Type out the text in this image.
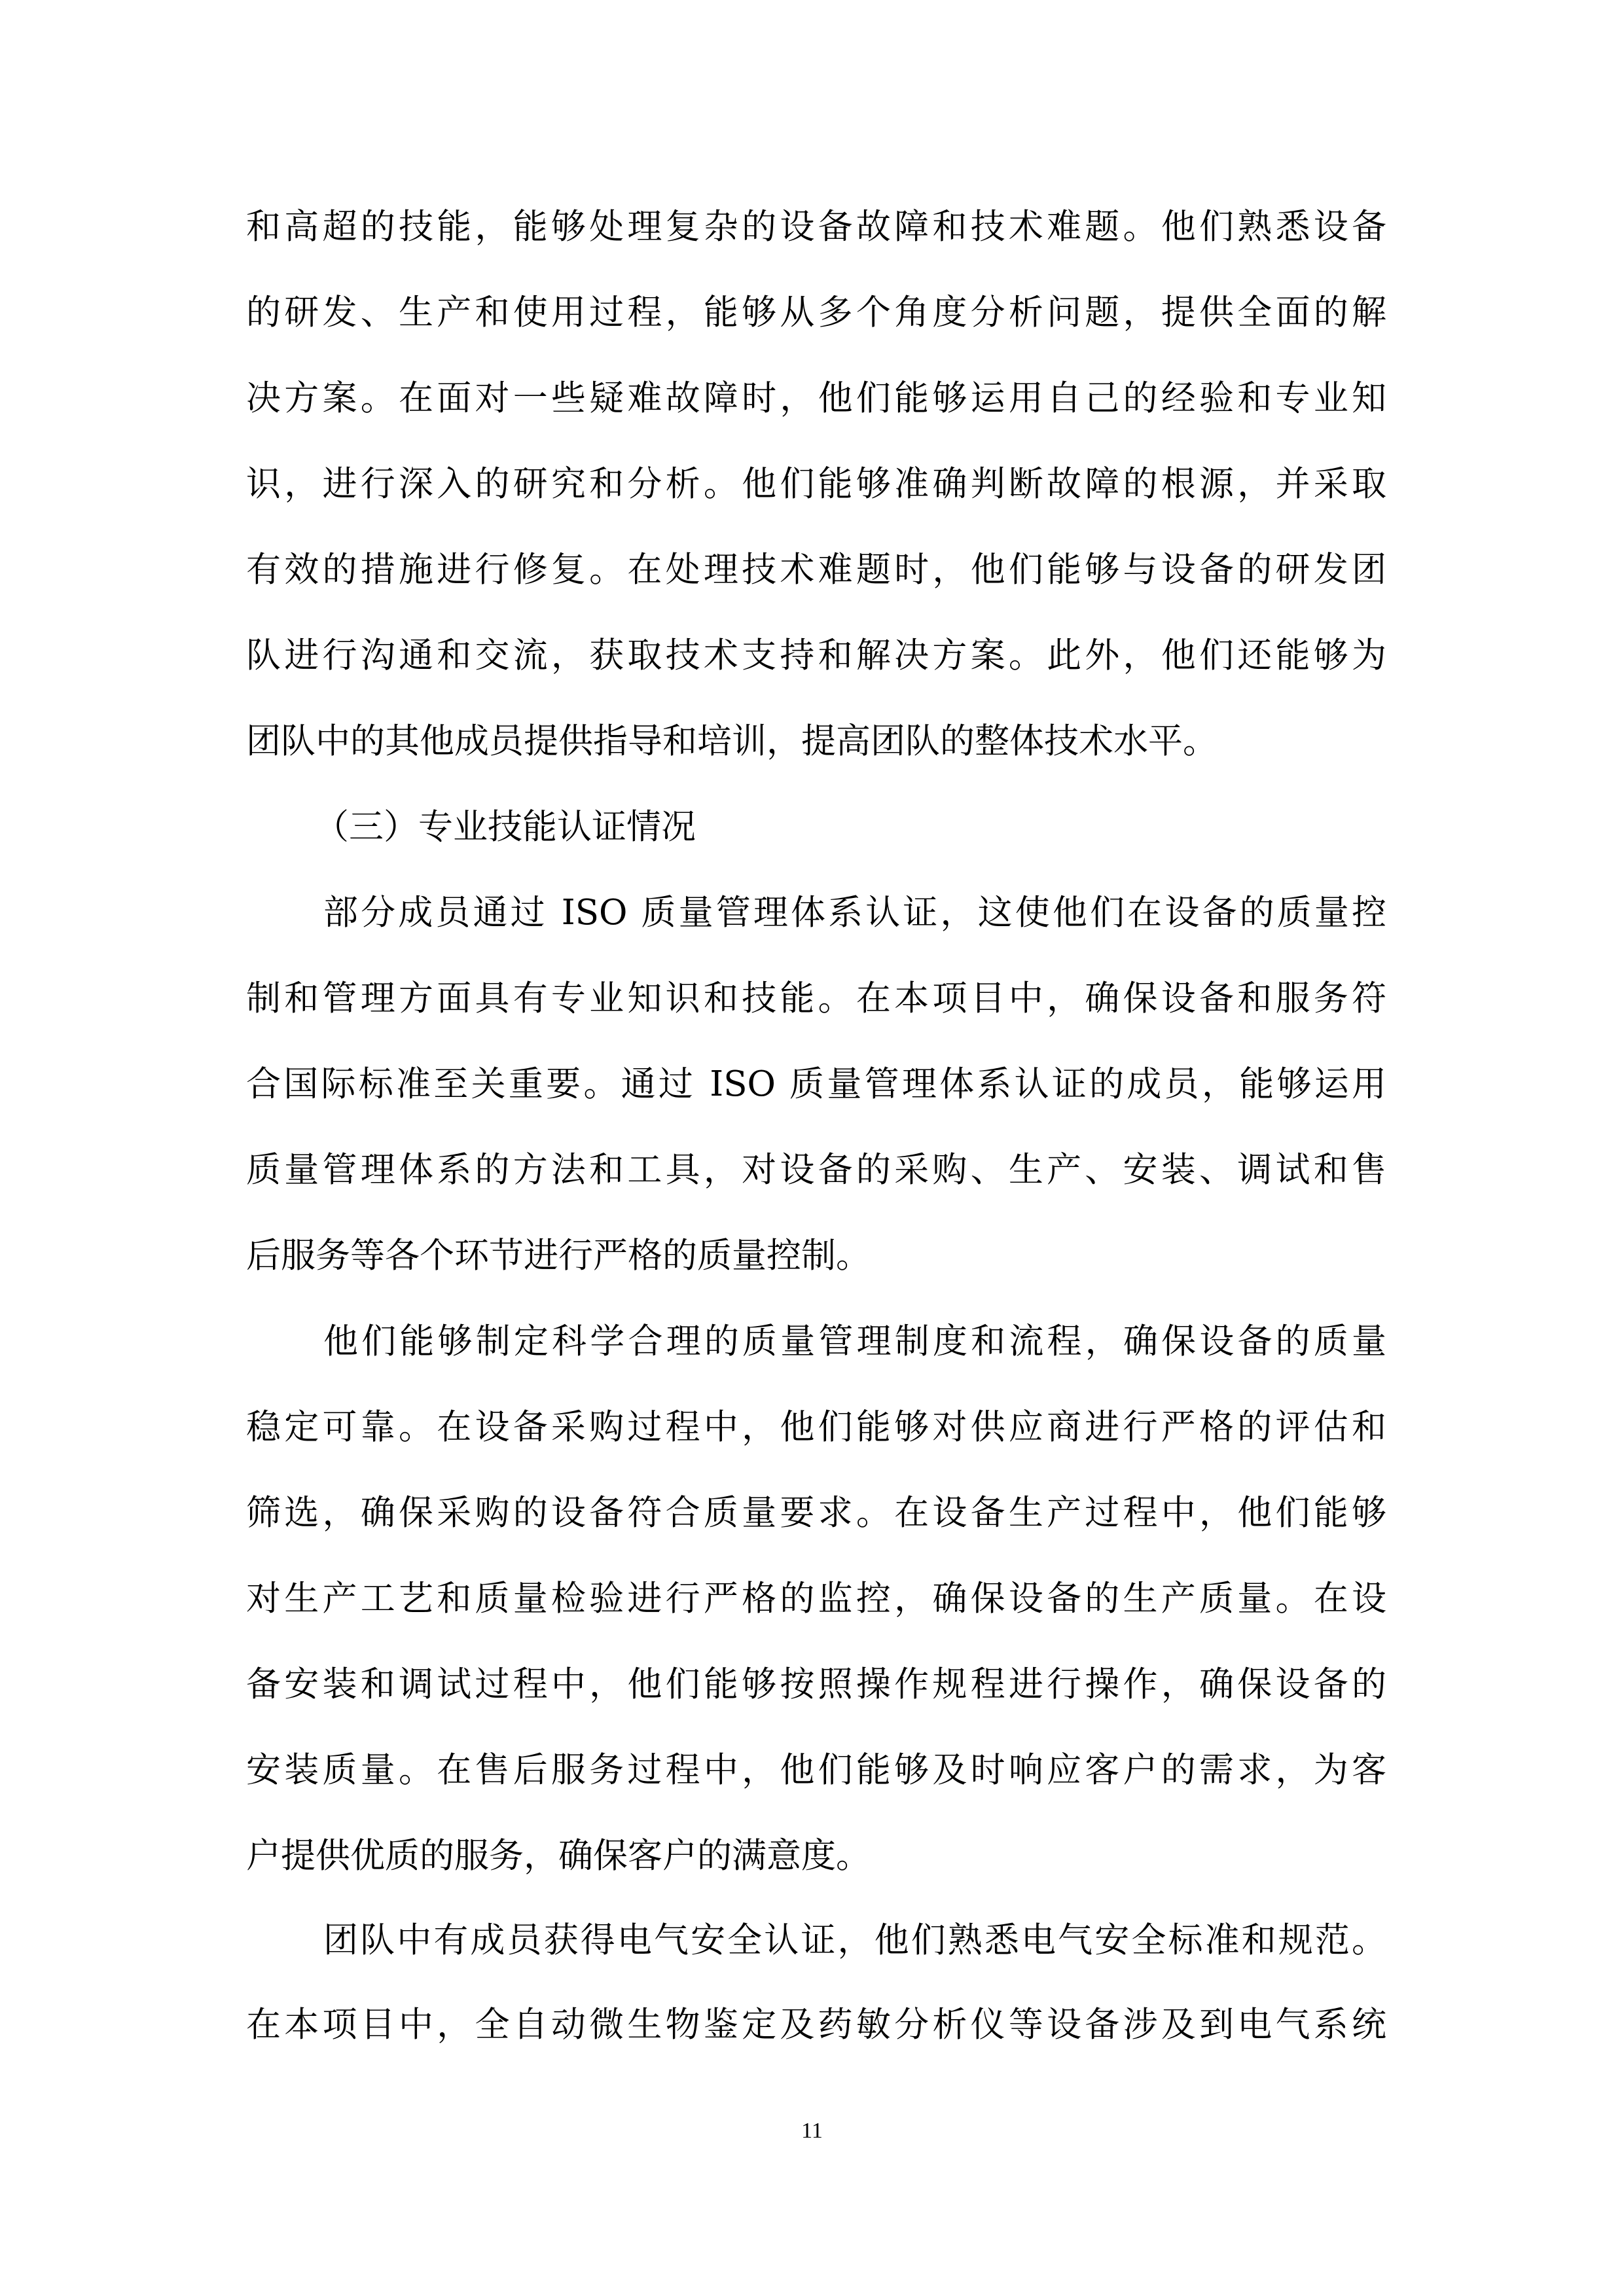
和高超的技能，能够处理复杂的设备故障和技术难题。他们熟悉设备
的研发、生产和使用过程，能够从多个角度分析问题，提供全面的解
决方案。在面对一些疑难故障时，他们能够运用自己的经验和专业知
识，进行深入的研究和分析。他们能够准确判断故障的根源，并采取
有效的措施进行修复。在处理技术难题时，他们能够与设备的研发团
队进行沟通和交流，获取技术支持和解决方案。此外，他们还能够为
团队中的其他成员提供指导和培训，提高团队的整体技术水平。
（三）专业技能认证情况
部分成员通过 ISO 质量管理体系认证，这使他们在设备的质量控
制和管理方面具有专业知识和技能。在本项目中，确保设备和服务符
合国际标准至关重要。通过 ISO 质量管理体系认证的成员，能够运用
质量管理体系的方法和工具，对设备的采购、生产、安装、调试和售
后服务等各个环节进行严格的质量控制。
他们能够制定科学合理的质量管理制度和流程，确保设备的质量
稳定可靠。在设备采购过程中，他们能够对供应商进行严格的评估和
筛选，确保采购的设备符合质量要求。在设备生产过程中，他们能够
对生产工艺和质量检验进行严格的监控，确保设备的生产质量。在设
备安装和调试过程中，他们能够按照操作规程进行操作，确保设备的
安装质量。在售后服务过程中，他们能够及时响应客户的需求，为客
户提供优质的服务，确保客户的满意度。
11
团队中有成员获得电气安全认证，他们熟悉电气安全标准和规范。
在本项目中，全自动微生物鉴定及药敏分析仪等设备涉及到电气系统
